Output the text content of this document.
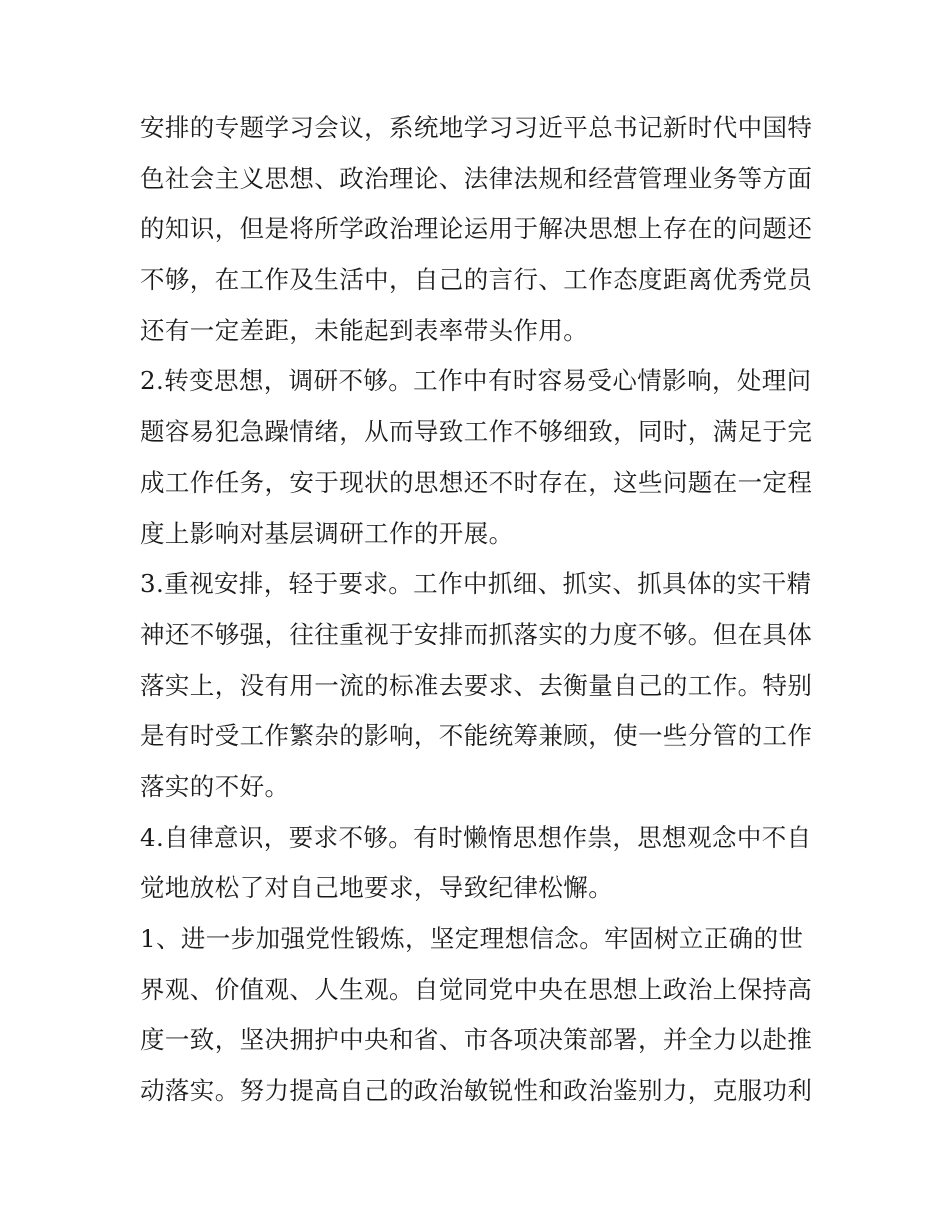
安排的专题学习会议，系统地学习习近平总书记新时代中国特
色社会主义思想、政治理论、法律法规和经营管理业务等方面
的知识，但是将所学政治理论运用于解决思想上存在的问题还
不够，在工作及生活中，自己的言行、工作态度距离优秀党员
还有一定差距，未能起到表率带头作用。
2.转变思想，调研不够。工作中有时容易受心情影响，处理问
题容易犯急躁情绪，从而导致工作不够细致，同时，满足于完
成工作任务，安于现状的思想还不时存在，这些问题在一定程
度上影响对基层调研工作的开展。
3.重视安排，轻于要求。工作中抓细、抓实、抓具体的实干精
神还不够强，往往重视于安排而抓落实的力度不够。但在具体
落实上，没有用一流的标准去要求、去衡量自己的工作。特别
是有时受工作繁杂的影响，不能统筹兼顾，使一些分管的工作
落实的不好。
4.自律意识，要求不够。有时懒惰思想作祟，思想观念中不自
觉地放松了对自己地要求，导致纪律松懈。
1、进一步加强党性锻炼，坚定理想信念。牢固树立正确的世
界观、价值观、人生观。自觉同党中央在思想上政治上保持高
度一致，坚决拥护中央和省、市各项决策部署，并全力以赴推
动落实。努力提高自己的政治敏锐性和政治鉴别力，克服功利
